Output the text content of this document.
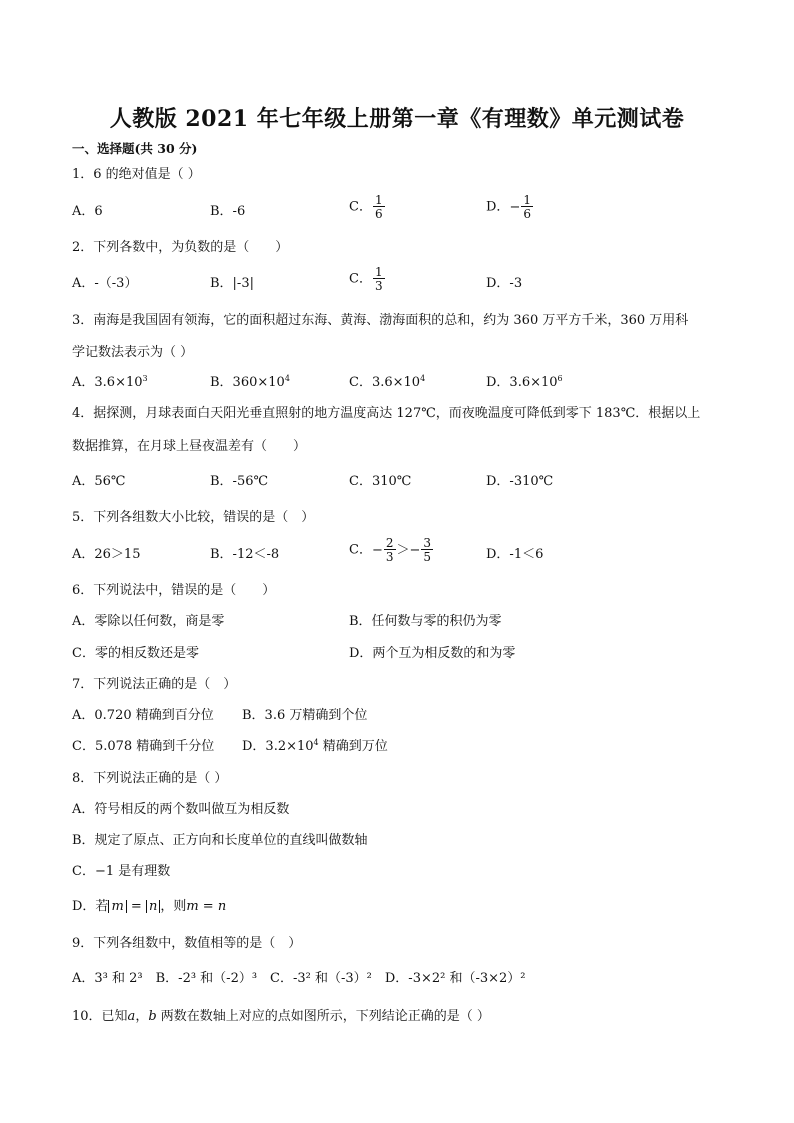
人教版 2021 年七年级上册第一章《有理数》单元测试卷
一、选择题(共 30 分)
1．6 的绝对值是（ ）
A．6	B．-6	C． $\frac{1}{6}$	D．− $\frac{1}{6}$
2．下列各数中，为负数的是（　　）
A．-（-3）	B．|-3|	C． $\frac{1}{3}$	D．-3
3．南海是我国固有领海，它的面积超过东海、黄海、渤海面积的总和，约为 360 万平方千米，360 万用科
学记数法表示为（ ）
A．$3.6\times 10^3$	B．$360\times 10^4$	C．$3.6\times 10^4$	D．$3.6\times 10^6$
4．据探测，月球表面白天阳光垂直照射的地方温度高达 127℃，而夜晚温度可降低到零下 183℃．根据以上
数据推算，在月球上昼夜温差有（　　）
A．56℃	B．-56℃	C．310℃	D．-310℃
5．下列各组数大小比较，错误的是（　）
A．26＞15	B．-12＜-8	C．− $\frac{2}{3} >- \frac{3}{5}$	D．-1＜6
6．下列说法中，错误的是（　　）
A．零除以任何数，商是零	B．任何数与零的积仍为零
C．零的相反数还是零	D．两个互为相反数的和为零
7．下列说法正确的是（　）
A．0.720 精确到百分位 B．3.6 万精确到个位
C．5.078 精确到千分位 D．$3.2\times 10^4$ 精确到万位
8．下列说法正确的是（ ）
A．符号相反的两个数叫做互为相反数
B．规定了原点、正方向和长度单位的直线叫做数轴
C．−1 是有理数
D．若 m = n ，则m = n
9．下列各组数中，数值相等的是（　）
A．3³ 和 2³　B．-2³ 和（-2）³　C．-3² 和（-3）²　D．-3×2² 和（-3×2）²
10．已知a，b 两数在数轴上对应的点如图所示，下列结论正确的是（ ）
